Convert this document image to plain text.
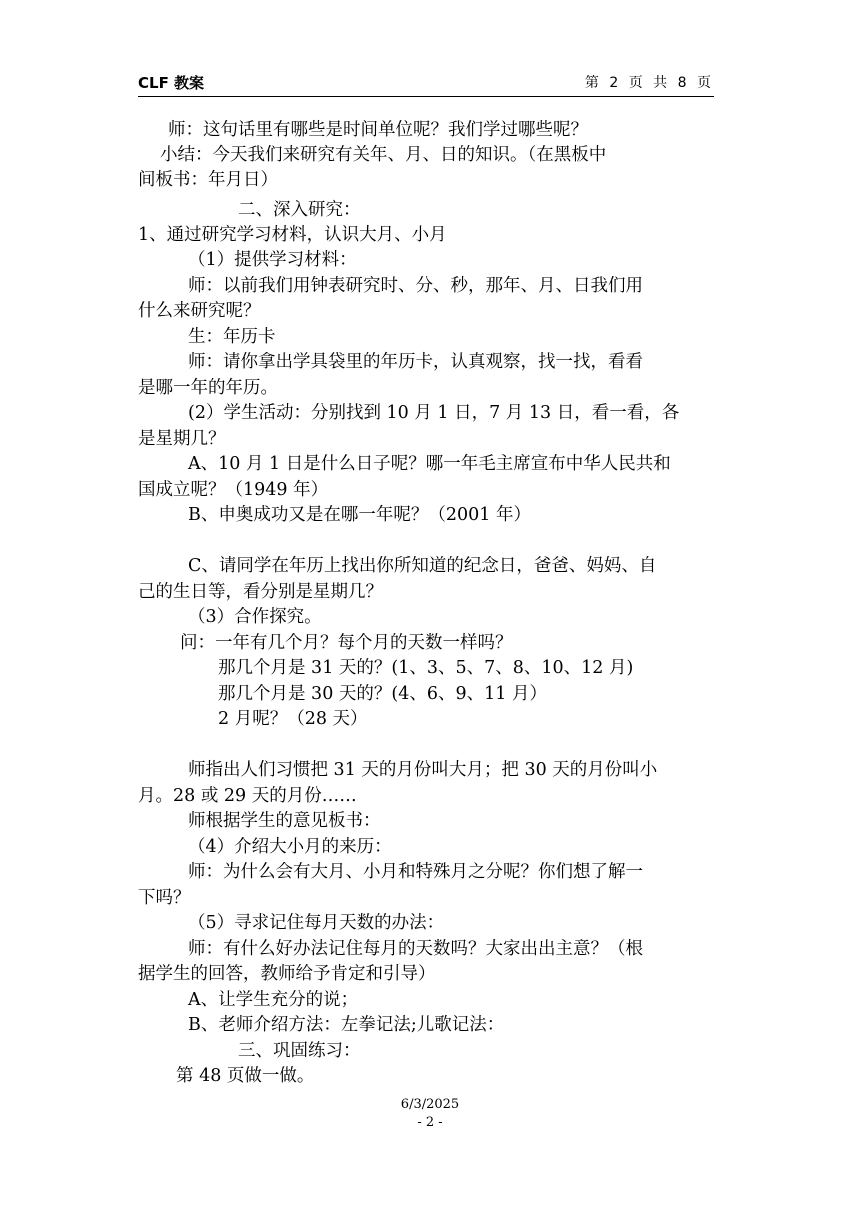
CLF 教案	第 2 页 共 8 页
师：这句话里有哪些是时间单位呢？我们学过哪些呢？
小结：今天我们来研究有关年、月、日的知识。（在黑板中
间板书：年月日）
二、深入研究：
1、通过研究学习材料，认识大月、小月
（1）提供学习材料：
师：以前我们用钟表研究时、分、秒，那年、月、日我们用
什么来研究呢？
生：年历卡
师：请你拿出学具袋里的年历卡，认真观察，找一找，看看
是哪一年的年历。
(2）学生活动：分别找到 10 月 1 日，7 月 13 日，看一看，各
是星期几？
A、10 月 1 日是什么日子呢？哪一年毛主席宣布中华人民共和
国成立呢？（1949 年）
B、申奥成功又是在哪一年呢？（2001 年）
C、请同学在年历上找出你所知道的纪念日，爸爸、妈妈、自
己的生日等，看分别是星期几？
（3）合作探究。
问：一年有几个月？每个月的天数一样吗？
那几个月是 31 天的？(1、3、5、7、8、10、12 月)
那几个月是 30 天的？(4、6、9、11 月）
2 月呢？（28 天）
师指出人们习惯把 31 天的月份叫大月；把 30 天的月份叫小
月。28 或 29 天的月份……
师根据学生的意见板书：
（4）介绍大小月的来历：
师：为什么会有大月、小月和特殊月之分呢？你们想了解一
下吗？
（5）寻求记住每月天数的办法：
师：有什么好办法记住每月的天数吗？大家出出主意？（根
据学生的回答，教师给予肯定和引导）
A、让学生充分的说；
B、老师介绍方法：左拳记法;儿歌记法：
三、巩固练习：
第 48 页做一做。
6/3/2025
- 2 -
